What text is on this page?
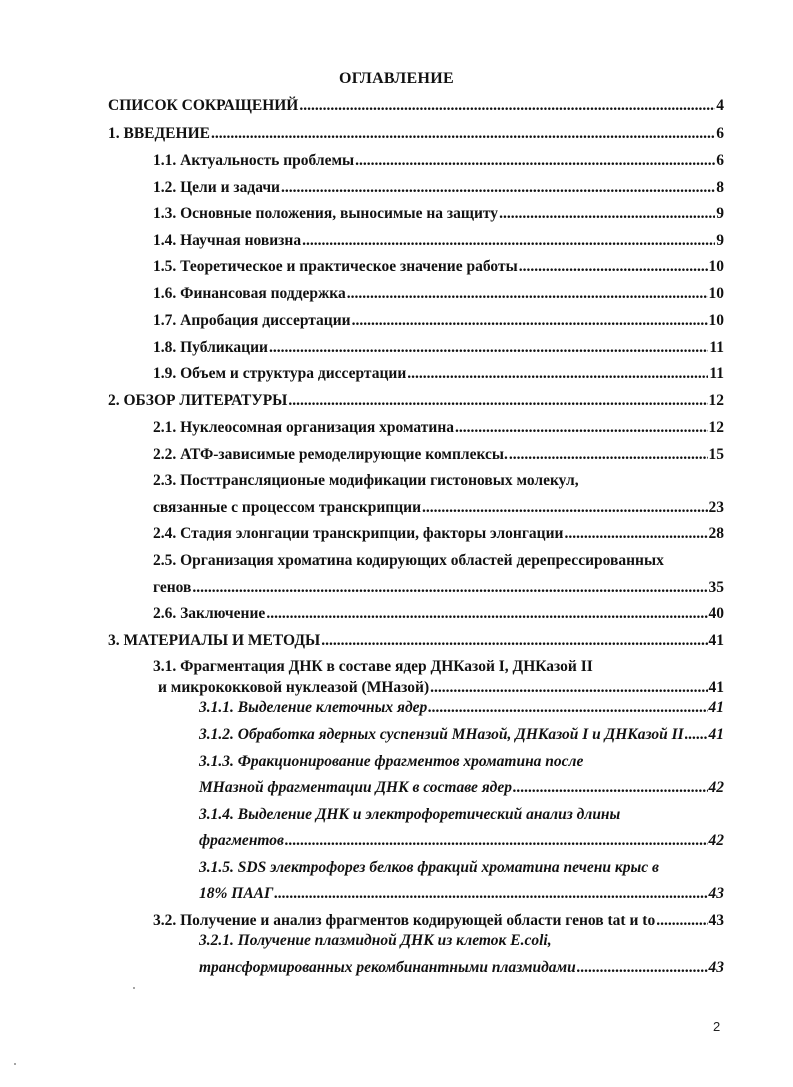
ОГЛАВЛЕНИЕ
СПИСОК СОКРАЩЕНИЙ .....	4
1. ВВЕДЕНИЕ .....	6
1.1. Актуальность проблемы .....	6
1.2. Цели и задачи .....	8
1.3. Основные положения, выносимые на защиту .....	9
1.4. Научная новизна .....	9
1.5. Теоретическое и практическое значение работы .....	10
1.6. Финансовая поддержка .....	10
1.7. Апробация диссертации .....	10
1.8. Публикации .....	11
1.9. Объем и структура диссертации .....	11
2. ОБЗОР ЛИТЕРАТУРЫ .....	12
2.1. Нуклеосомная организация хроматина .....	12
2.2. АТФ-зависимые ремоделирующие комплексы. .....	15
2.3. Посттрансляционые модификации гистоновых молекул,
связанные с процессом транскрипции .....	23
2.4. Стадия элонгации транскрипции, факторы элонгации .....	28
2.5. Организация хроматина кодирующих областей дерепрессированных
генов .....	35
2.6. Заключение .....	40
3. МАТЕРИАЛЫ И МЕТОДЫ .....	41
3.1. Фрагментация ДНК в составе ядер ДНКазой I, ДНКазой II
и микрококковой нуклеазой (МНазой) .....	41
3.1.1. Выделение клеточных ядер .....	41
3.1.2. Обработка ядерных суспензий МНазой, ДНКазой I и ДНКазой II ..... 41
3.1.3. Фракционирование фрагментов хроматина после
МНазной фрагментации ДНК в составе ядер .....	42
3.1.4. Выделение ДНК и электрофоретический анализ длины
фрагментов .....	42
3.1.5. SDS электрофорез белков фракций хроматина печени крыс в
18% ПААГ .....	43
3.2. Получение и анализ фрагментов кодирующей области генов tat и to .....	43
3.2.1. Получение плазмидной ДНК из клеток E.coli,
трансформированных рекомбинантными плазмидами .....	43
2
